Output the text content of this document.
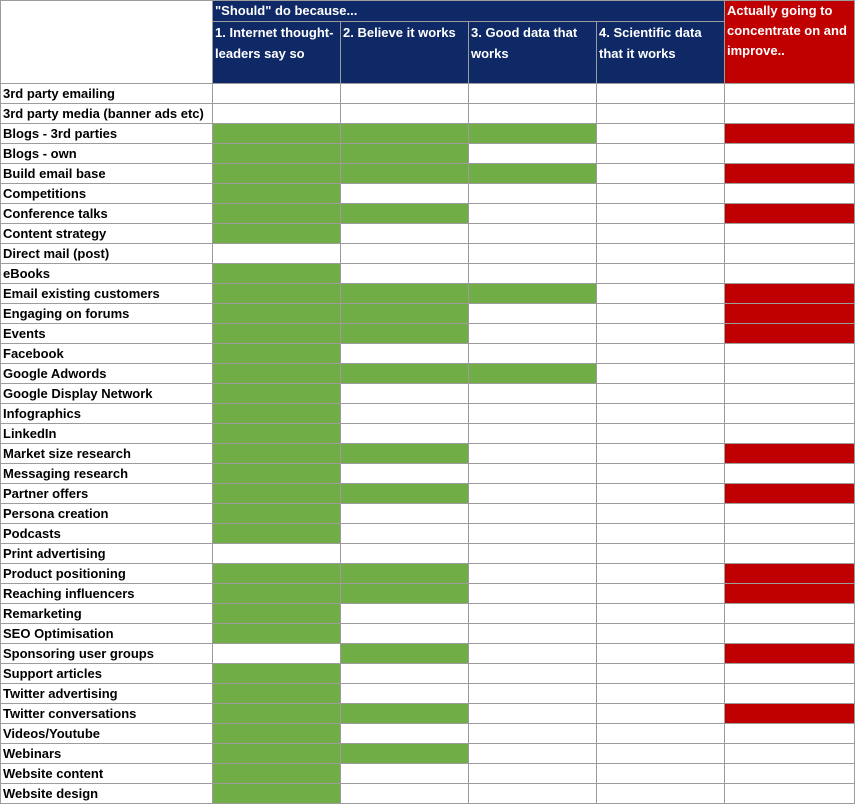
	"Should" do because...				Actually going to concentrate on and improve..
	1. Internet thought-leaders say so	2. Believe it works	3. Good data that works	4. Scientific data that it works	
3rd party emailing					
3rd party media (banner ads etc)					
Blogs - 3rd parties					
Blogs - own					
Build email base					
Competitions					
Conference talks					
Content strategy					
Direct mail (post)					
eBooks					
Email existing customers					
Engaging on forums					
Events					
Facebook					
Google Adwords					
Google Display Network					
Infographics					
LinkedIn					
Market size research					
Messaging research					
Partner offers					
Persona creation					
Podcasts					
Print advertising					
Product positioning					
Reaching influencers					
Remarketing					
SEO Optimisation					
Sponsoring user groups					
Support articles					
Twitter advertising					
Twitter conversations					
Videos/Youtube					
Webinars					
Website content					
Website design					
